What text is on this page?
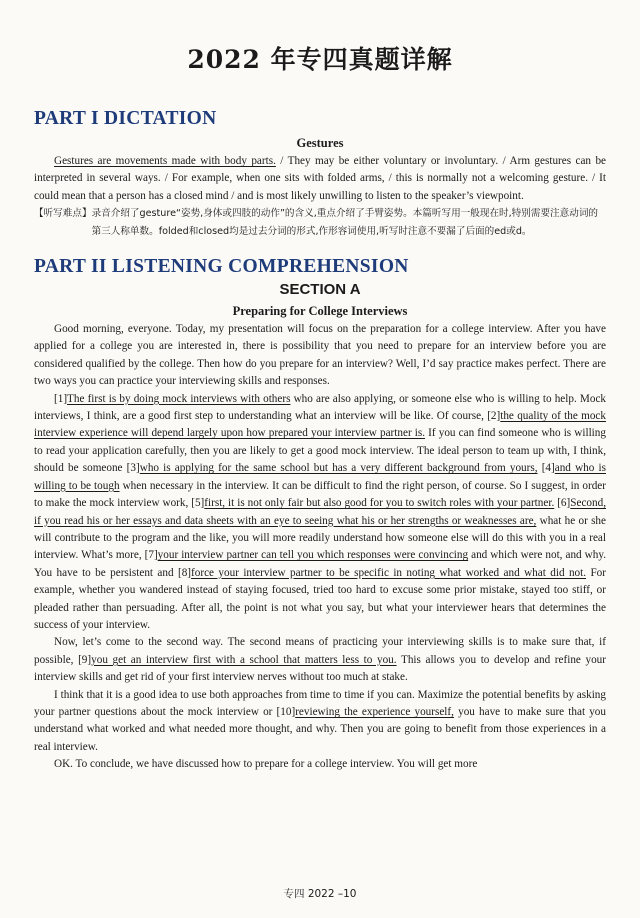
2022 年专四真题详解
PART I DICTATION
Gestures

Gestures are movements made with body parts. / They may be either voluntary or involuntary. / Arm gestures can be interpreted in several ways. / For example, when one sits with folded arms, / this is normally not a welcoming gesture. / It could mean that a person has a closed mind / and is most likely unwilling to listen to the speaker’s viewpoint.

【听写难点】 录音介绍了gesture“姿势,身体或四肢的动作”的含义,重点介绍了手臂姿势。本篇听写用一般现在时,特别需要注意动词的第三人称单数。folded和closed均是过去分词的形式,作形容词使用,听写时注意不要漏了后面的ed或d。

PART II LISTENING COMPREHENSION
SECTION A
Preparing for College Interviews

Good morning, everyone. Today, my presentation will focus on the preparation for a college interview. After you have applied for a college you are interested in, there is possibility that you need to prepare for an interview before you are considered qualified by the college. Then how do you prepare for an interview? Well, I’d say practice makes perfect. There are two ways you can practice your interviewing skills and responses.

[1]The first is by doing mock interviews with others who are also applying, or someone else who is willing to help. Mock interviews, I think, are a good first step to understanding what an interview will be like. Of course, [2]the quality of the mock interview experience will depend largely upon how prepared your interview partner is. If you can find someone who is willing to read your application carefully, then you are likely to get a good mock interview. The ideal person to team up with, I think, should be someone [3]who is applying for the same school but has a very different background from yours, [4]and who is willing to be tough when necessary in the interview. It can be difficult to find the right person, of course. So I suggest, in order to make the mock interview work, [5]first, it is not only fair but also good for you to switch roles with your partner. [6]Second, if you read his or her essays and data sheets with an eye to seeing what his or her strengths or weaknesses are, what he or she will contribute to the program and the like, you will more readily understand how someone else will do this with you in a real interview. What’s more, [7]your interview partner can tell you which responses were convincing and which were not, and why. You have to be persistent and [8]force your interview partner to be specific in noting what worked and what did not. For example, whether you wandered instead of staying focused, tried too hard to excuse some prior mistake, stayed too stiff, or pleaded rather than persuading. After all, the point is not what you say, but what your interviewer hears that determines the success of your interview.

Now, let’s come to the second way. The second means of practicing your interviewing skills is to make sure that, if possible, [9]you get an interview first with a school that matters less to you. This allows you to develop and refine your interview skills and get rid of your first interview nerves without too much at stake.

I think that it is a good idea to use both approaches from time to time if you can. Maximize the potential benefits by asking your partner questions about the mock interview or [10]reviewing the experience yourself, you have to make sure that you understand what worked and what needed more thought, and why. Then you are going to benefit from those experiences in a real interview.

OK. To conclude, we have discussed how to prepare for a college interview. You will get more

专四 2022 –10
